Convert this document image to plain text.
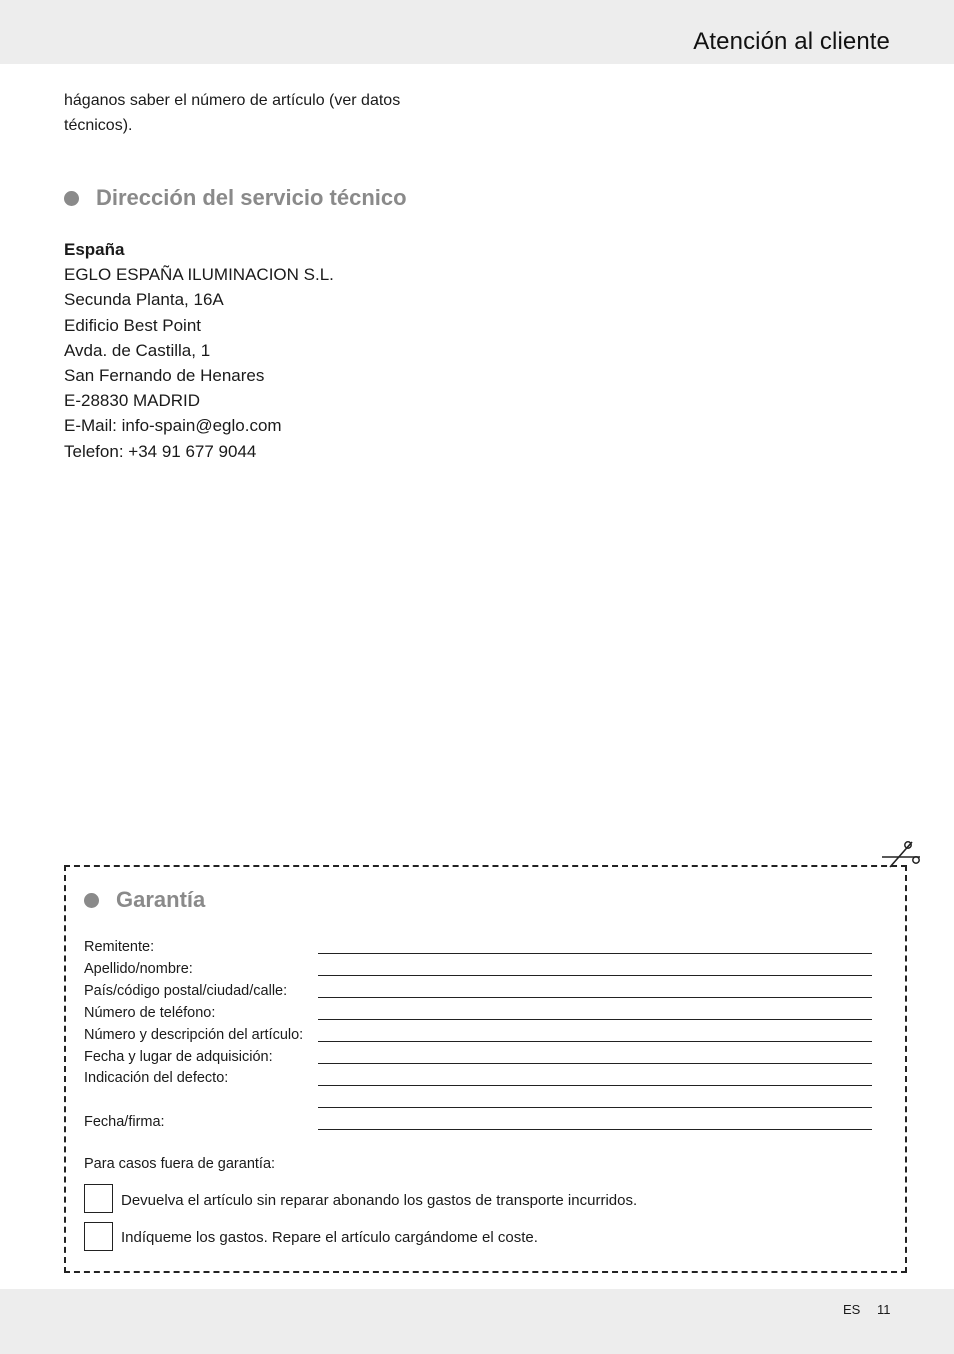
Atención al cliente
háganos saber el número de artículo (ver datos técnicos).
Dirección del servicio técnico
España
EGLO ESPAÑA ILUMINACION S.L.
Secunda Planta, 16A
Edificio Best Point
Avda. de Castilla, 1
San Fernando de Henares
E-28830 MADRID
E-Mail: info-spain@eglo.com
Telefon: +34 91 677 9044
Garantía
Remitente:
Apellido/nombre:
País/código postal/ciudad/calle:
Número de teléfono:
Número y descripción del artículo:
Fecha y lugar de adquisición:
Indicación del defecto:
Fecha/firma:
Para casos fuera de garantía:
Devuelva el artículo sin reparar abonando los gastos de transporte incurridos.
Indíqueme los gastos. Repare el artículo cargándome el coste.
ES 11
